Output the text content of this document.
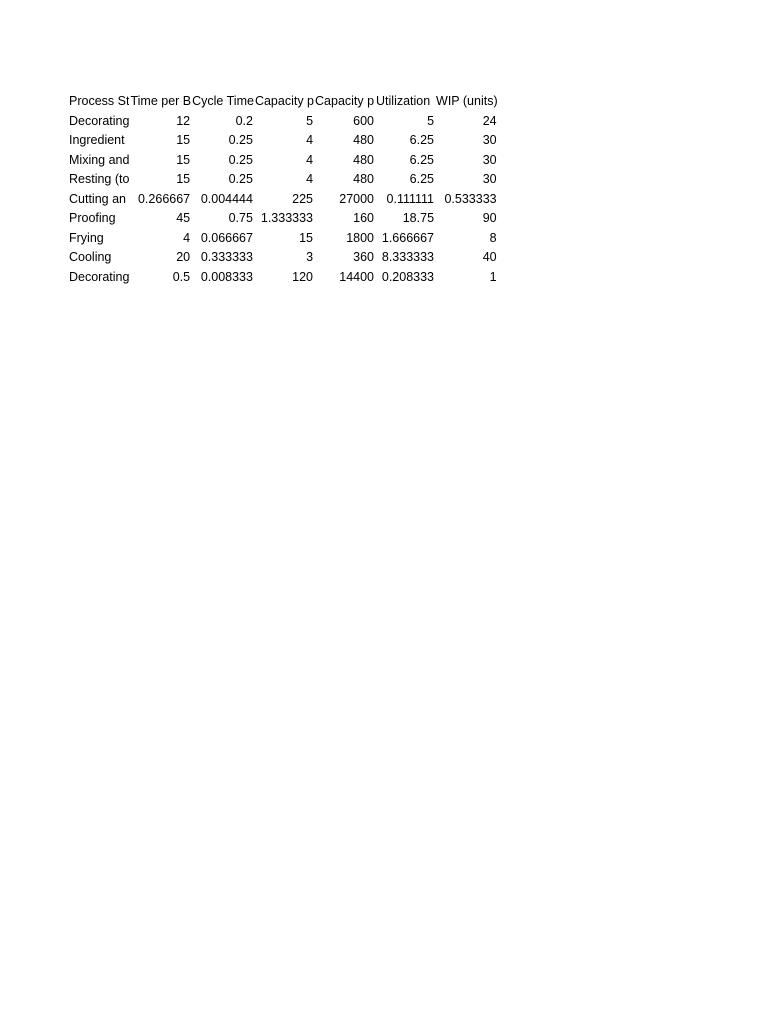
Process St	Time per B	Cycle Time	Capacity p	Capacity p	Utilization	WIP (units)
Decorating	12	0.2	5	600	5	24
Ingredient	15	0.25	4	480	6.25	30
Mixing and	15	0.25	4	480	6.25	30
Resting (to	15	0.25	4	480	6.25	30
Cutting an	0.266667	0.004444	225	27000	0.111111	0.533333
Proofing	45	0.75	1.333333	160	18.75	90
Frying	4	0.066667	15	1800	1.666667	8
Cooling	20	0.333333	3	360	8.333333	40
Decorating	0.5	0.008333	120	14400	0.208333	1
